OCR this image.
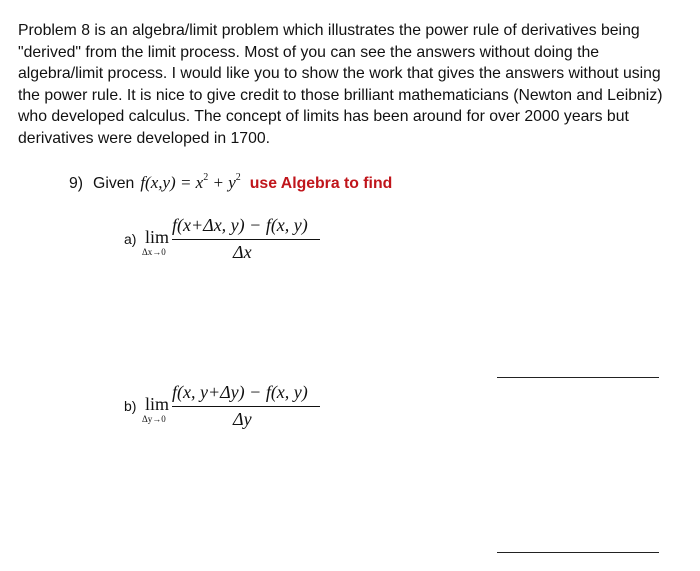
Problem 8 is an algebra/limit problem which illustrates the power rule of derivatives being
"derived" from the limit process. Most of you can see the answers without doing the
algebra/limit process. I would like you to show the work that gives the answers without using
the power rule. It is nice to give credit to those brilliant mathematicians (Newton and Leibniz)
who developed calculus. The concept of limits has been around for over 2000 years but
derivatives were developed in 1700.
9) Given $f(x,y) = x^2 + y^2$ use Algebra to find
a) lim
Δx→0
f(x+Δx, y) − f(x, y)
Δx
b) lim
Δy→0
f(x, y+Δy) − f(x, y)
Δy
